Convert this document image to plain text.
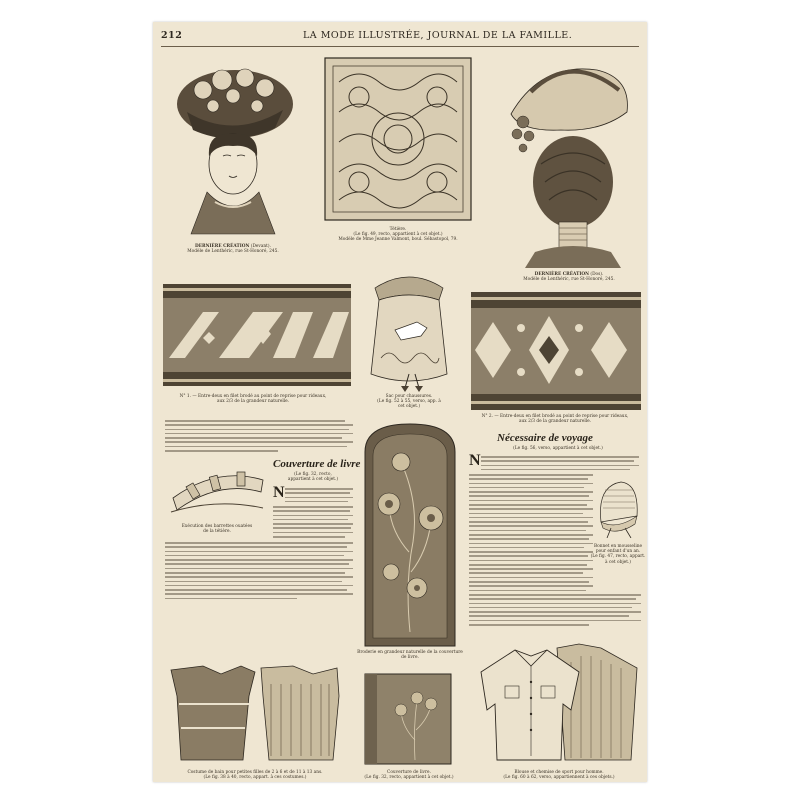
212	LA MODE ILLUSTRÉE, JOURNAL DE LA FAMILLE.
DERNIÈRE CRÉATION (Devant).
Modèle de Lenthéric, rue St-Honoré, 245.
Tétière.
(Le fig. 49, recto, appartient à cet objet.)
Modèle de Mme Jeanne Valmont, boul. Sébastopol, 79.
DERNIÈRE CRÉATION (Dos).
Modèle de Lenthéric, rue St-Honoré, 245.
N° 1. — Entre-deux en filet brodé au point de reprise pour rideaux,
aux 2/3 de la grandeur naturelle.
Sac pour chaussures.
(Le fig. 52 à 55, verso, app. à
cet objet.)
N° 2. — Entre-deux en filet brodé au point de reprise pour rideaux,
aux 2/3 de la grandeur naturelle.
Couverture de livre
(Le fig. 32, recto,
appartient à cet objet.)
Exécution des barrettes ouatées
de la tétière.
N
Broderie en grandeur naturelle de la couverture
de livre.
Nécessaire de voyage
(Le fig. 56, verso, appartient à cet objet.)
N
Bonnet en mousseline
pour enfant d'un an.
(Le fig. 47, recto, appart.
à cet objet.)
Costume de bain pour petites filles de 2 à 6 et de 11 à 13 ans.
(Le fig. 38 à 40, recto, appart. à ces costumes.)
Couverture de livre.
(Le fig. 32, recto, appartient à cet objet.)
Blouse et chemise de sport pour homme.
(Le fig. 60 à 62, verso, appartiennent à ces objets.)
